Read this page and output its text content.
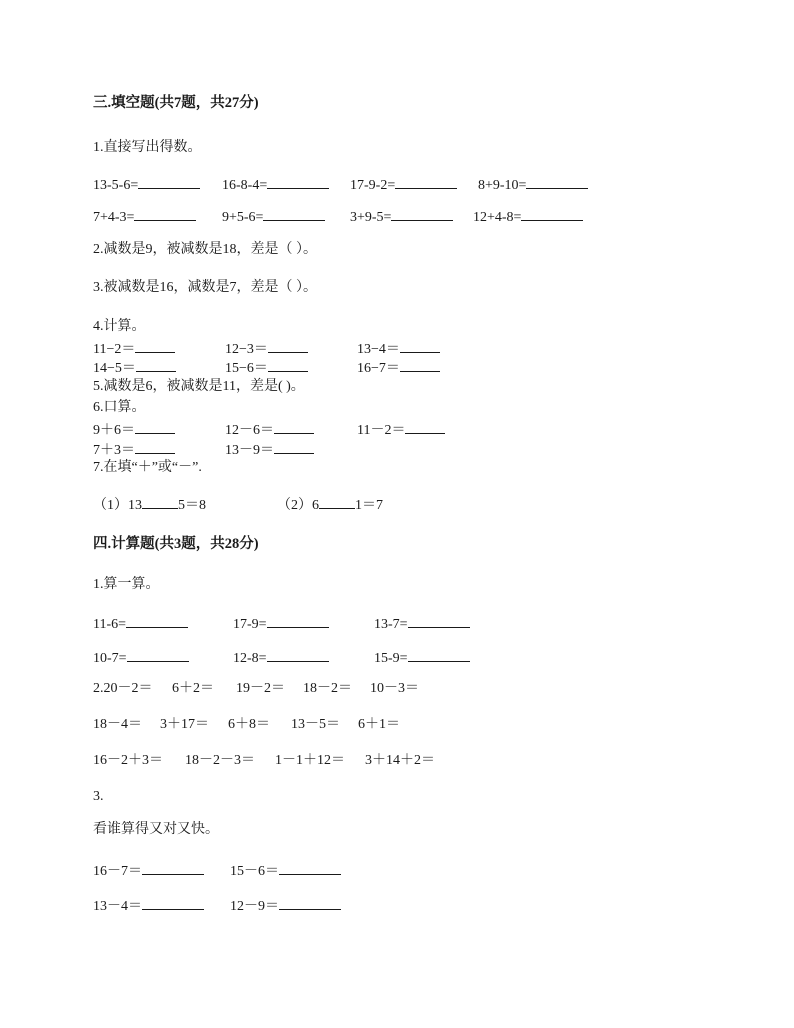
三.填空题(共7题，共27分)
1.直接写出得数。
13-5-6=	16-8-4=	17-9-2=	8+9-10=
7+4-3=	9+5-6=	3+9-5=	12+4-8=
2.减数是9，被减数是18，差是（ ）。
3.被减数是16，减数是7，差是（ ）。
4.计算。
11−2＝	12−3＝	13−4＝
14−5＝	15−6＝	16−7＝
5.减数是6，被减数是11，差是( )。
6.口算。
9＋6＝	12－6＝	11－2＝
7＋3＝	13－9＝
7.在填“＋”或“－”.
（1）13	5＝8	（2）6	1＝7
四.计算题(共3题，共28分)
1.算一算。
11-6=	17-9=	13-7=
10-7=	12-8=	15-9=
2.20－2＝ 6＋2＝ 19－2＝ 18－2＝ 10－3＝
18－4＝ 3＋17＝ 6＋8＝ 13－5＝ 6＋1＝
16－2＋3＝ 18－2－3＝ 1－1＋12＝ 3＋14＋2＝
3.
看谁算得又对又快。
16－7＝	15－6＝
13－4＝	12－9＝
